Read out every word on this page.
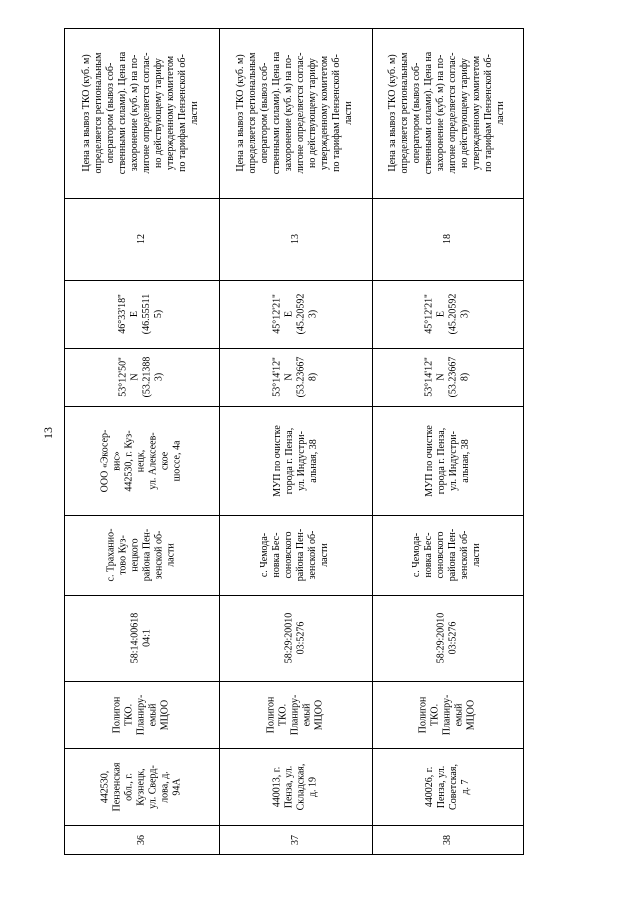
13
36
442530,
Пензенская
обл., г.
Кузнецк,
ул. Сверд-
лова, д.
94А
Полигон
ТКО.
Планиру-
емый
МЦОО
58:14:00618
04:1
с. Траханио-
тово Куз-
нецкого
района Пен-
зенской об-
ласти
ООО «Экосер-
вис»
442530, г. Куз-
нецк,
ул. Алексеев-
ское
шоссе, 4а
53°12'50''
N
(53.21388
3)
46°33'18''
E
(46.55511
5)
12
Цена за вывоз ТКО (куб. м)
определяется региональным
оператором (вывоз соб-
ственными силами). Цена на
захоронение (куб. м) на по-
лигоне определяется соглас-
но действующему тарифу
утвержденному комитетом
по тарифам Пензенской об-
ласти
37
440013, г.
Пенза, ул.
Складская,
д. 19
Полигон
ТКО.
Планиру-
емый
МЦОО
58:29:20010
03:5276
с. Чемода-
новка Бес-
соновского
района Пен-
зенской об-
ласти
МУП по очистке
города г. Пенза,
ул. Индустри-
альная, 38
53°14'12''
N
(53.23667
8)
45°12'21''
E
(45.20592
3)
13
Цена за вывоз ТКО (куб. м)
определяется региональным
оператором (вывоз соб-
ственными силами). Цена на
захоронение (куб. м) на по-
лигоне определяется соглас-
но действующему тарифу
утвержденному комитетом
по тарифам Пензенской об-
ласти
38
440026, г.
Пенза, ул.
Советская,
д. 7
Полигон
ТКО.
Планиру-
емый
МЦОО
58:29:20010
03:5276
с. Чемода-
новка Бес-
соновского
района Пен-
зенской об-
ласти
МУП по очистке
города г. Пенза,
ул. Индустри-
альная, 38
53°14'12''
N
(53.23667
8)
45°12'21''
E
(45.20592
3)
18
Цена за вывоз ТКО (куб. м)
определяется региональным
оператором (вывоз соб-
ственными силами). Цена на
захоронение (куб. м) на по-
лигоне определяется соглас-
но действующему тарифу
утвержденному комитетом
по тарифам Пензенской об-
ласти
